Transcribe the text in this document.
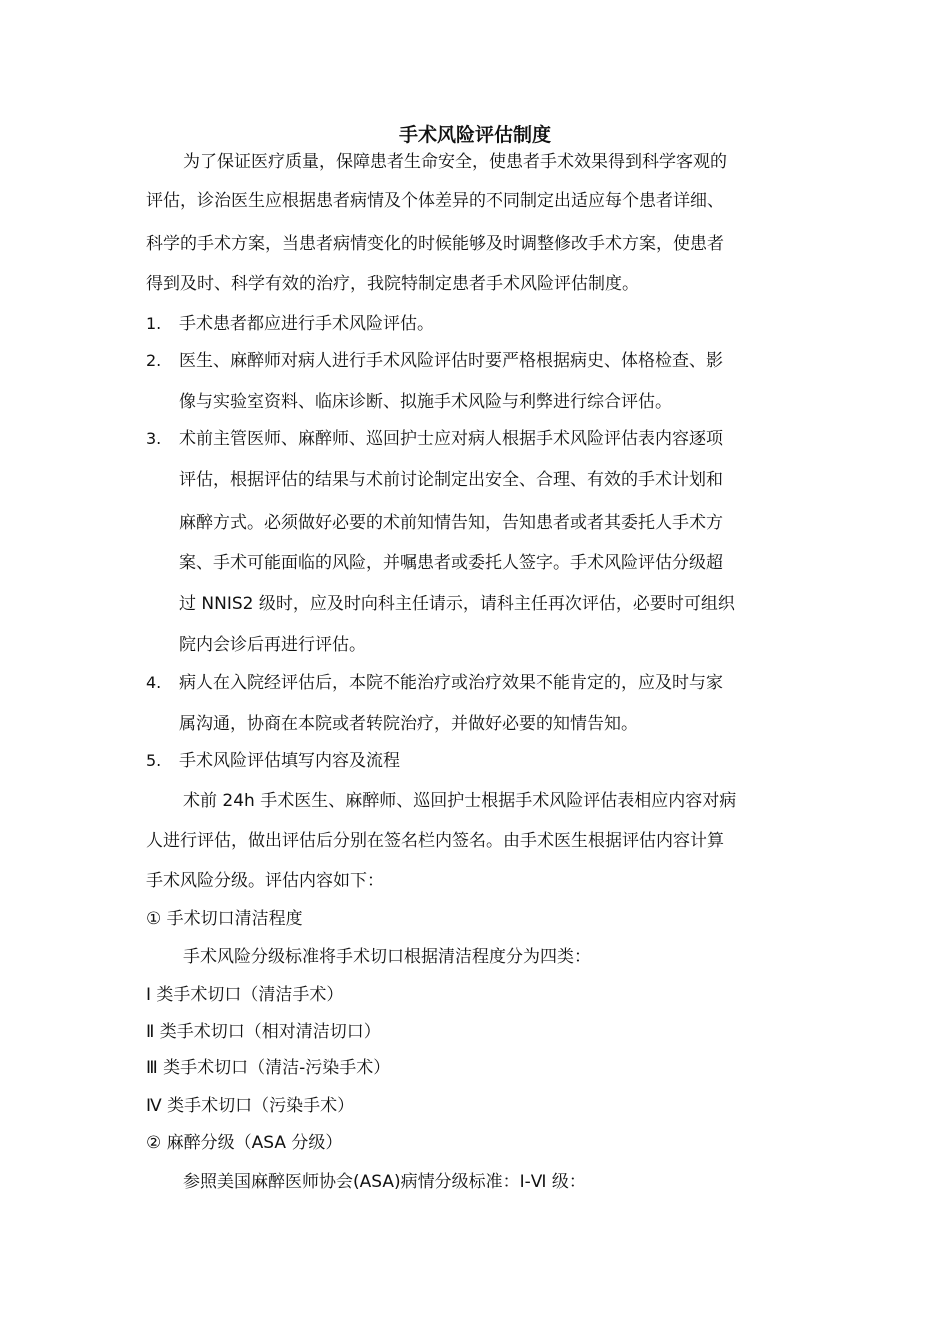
手术风险评估制度
为了保证医疗质量，保障患者生命安全，使患者手术效果得到科学客观的
评估，诊治医生应根据患者病情及个体差异的不同制定出适应每个患者详细、
科学的手术方案，当患者病情变化的时候能够及时调整修改手术方案，使患者
得到及时、科学有效的治疗，我院特制定患者手术风险评估制度。
1. 手术患者都应进行手术风险评估。
2. 医生、麻醉师对病人进行手术风险评估时要严格根据病史、体格检查、影
像与实验室资料、临床诊断、拟施手术风险与利弊进行综合评估。
3. 术前主管医师、麻醉师、巡回护士应对病人根据手术风险评估表内容逐项
评估，根据评估的结果与术前讨论制定出安全、合理、有效的手术计划和
麻醉方式。必须做好必要的术前知情告知，告知患者或者其委托人手术方
案、手术可能面临的风险，并嘱患者或委托人签字。手术风险评估分级超
过 NNIS2 级时，应及时向科主任请示，请科主任再次评估，必要时可组织
院内会诊后再进行评估。
4. 病人在入院经评估后，本院不能治疗或治疗效果不能肯定的，应及时与家
属沟通，协商在本院或者转院治疗，并做好必要的知情告知。
5. 手术风险评估填写内容及流程
术前 24h 手术医生、麻醉师、巡回护士根据手术风险评估表相应内容对病
人进行评估，做出评估后分别在签名栏内签名。由手术医生根据评估内容计算
手术风险分级。评估内容如下：
① 手术切口清洁程度
手术风险分级标准将手术切口根据清洁程度分为四类：
Ⅰ 类手术切口（清洁手术）
Ⅱ 类手术切口（相对清洁切口）
Ⅲ 类手术切口（清洁-污染手术）
Ⅳ 类手术切口（污染手术）
② 麻醉分级（ASA 分级）
参照美国麻醉医师协会(ASA)病情分级标准：I-Ⅵ 级：
